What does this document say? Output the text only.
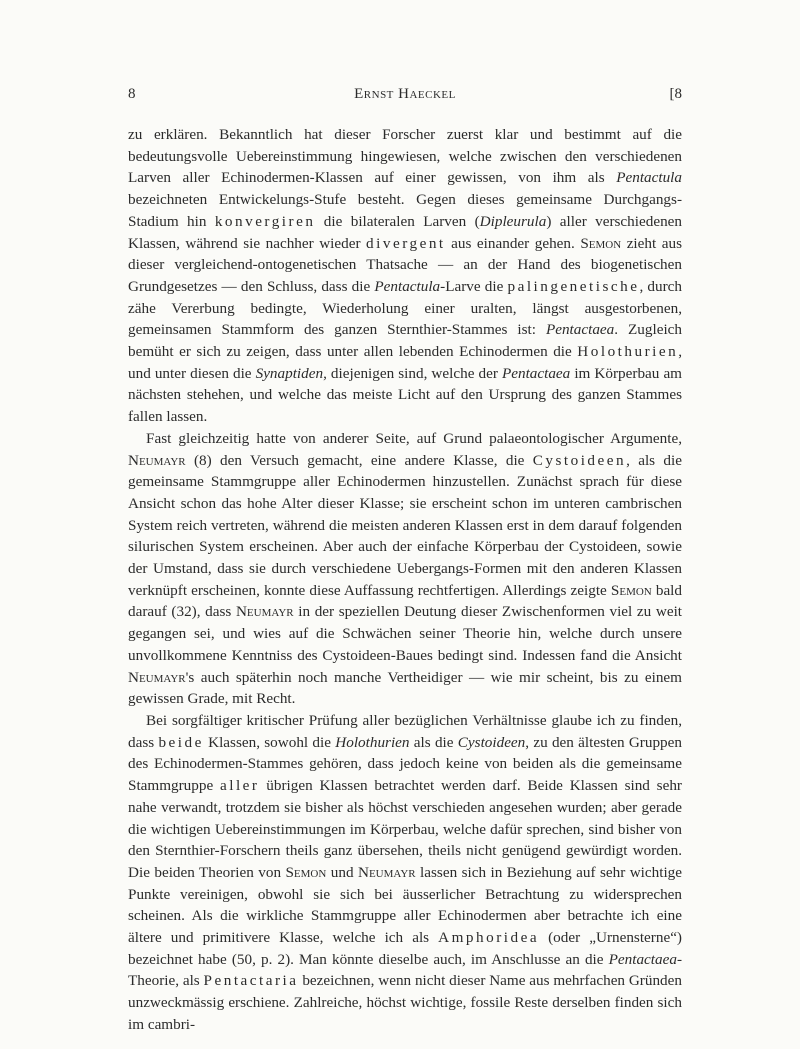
8	Ernst Haeckel	[8

zu erklären. Bekanntlich hat dieser Forscher zuerst klar und bestimmt auf die bedeutungsvolle Uebereinstimmung hingewiesen, welche zwischen den verschiedenen Larven aller Echinodermen-Klassen auf einer gewissen, von ihm als Pentactula bezeichneten Entwickelungs-Stufe besteht. Gegen dieses gemeinsame Durchgangs-Stadium hin konvergiren die bilateralen Larven (Dipleurula) aller verschiedenen Klassen, während sie nachher wieder divergent aus einander gehen. Semon zieht aus dieser vergleichend-ontogenetischen Thatsache — an der Hand des biogenetischen Grundgesetzes — den Schluss, dass die Pentactula-Larve die palingenetische, durch zähe Vererbung bedingte, Wiederholung einer uralten, längst ausgestorbenen, gemeinsamen Stammform des ganzen Sternthier-Stammes ist: Pentactaea. Zugleich bemüht er sich zu zeigen, dass unter allen lebenden Echinodermen die Holothurien, und unter diesen die Synaptiden, diejenigen sind, welche der Pentactaea im Körperbau am nächsten stehehen, und welche das meiste Licht auf den Ursprung des ganzen Stammes fallen lassen.

Fast gleichzeitig hatte von anderer Seite, auf Grund palaeontologischer Argumente, Neumayr (8) den Versuch gemacht, eine andere Klasse, die Cystoideen, als die gemeinsame Stammgruppe aller Echinodermen hinzustellen. Zunächst sprach für diese Ansicht schon das hohe Alter dieser Klasse; sie erscheint schon im unteren cambrischen System reich vertreten, während die meisten anderen Klassen erst in dem darauf folgenden silurischen System erscheinen. Aber auch der einfache Körperbau der Cystoideen, sowie der Umstand, dass sie durch verschiedene Uebergangs-Formen mit den anderen Klassen verknüpft erscheinen, konnte diese Auffassung rechtfertigen. Allerdings zeigte Semon bald darauf (32), dass Neumayr in der speziellen Deutung dieser Zwischenformen viel zu weit gegangen sei, und wies auf die Schwächen seiner Theorie hin, welche durch unsere unvollkommene Kenntniss des Cystoideen-Baues bedingt sind. Indessen fand die Ansicht Neumayr's auch späterhin noch manche Vertheidiger — wie mir scheint, bis zu einem gewissen Grade, mit Recht.

Bei sorgfältiger kritischer Prüfung aller bezüglichen Verhältnisse glaube ich zu finden, dass beide Klassen, sowohl die Holothurien als die Cystoideen, zu den ältesten Gruppen des Echinodermen-Stammes gehören, dass jedoch keine von beiden als die gemeinsame Stammgruppe aller übrigen Klassen betrachtet werden darf. Beide Klassen sind sehr nahe verwandt, trotzdem sie bisher als höchst verschieden angesehen wurden; aber gerade die wichtigen Uebereinstimmungen im Körperbau, welche dafür sprechen, sind bisher von den Sternthier-Forschern theils ganz übersehen, theils nicht genügend gewürdigt worden. Die beiden Theorien von Semon und Neumayr lassen sich in Beziehung auf sehr wichtige Punkte vereinigen, obwohl sie sich bei äusserlicher Betrachtung zu widersprechen scheinen. Als die wirkliche Stammgruppe aller Echinodermen aber betrachte ich eine ältere und primitivere Klasse, welche ich als Amphoridea (oder „Urnensterne“) bezeichnet habe (50, p. 2). Man könnte dieselbe auch, im Anschlusse an die Pentactaea-Theorie, als Pentactaria bezeichnen, wenn nicht dieser Name aus mehrfachen Gründen unzweckmässig erschiene. Zahlreiche, höchst wichtige, fossile Reste derselben finden sich im cambri-
